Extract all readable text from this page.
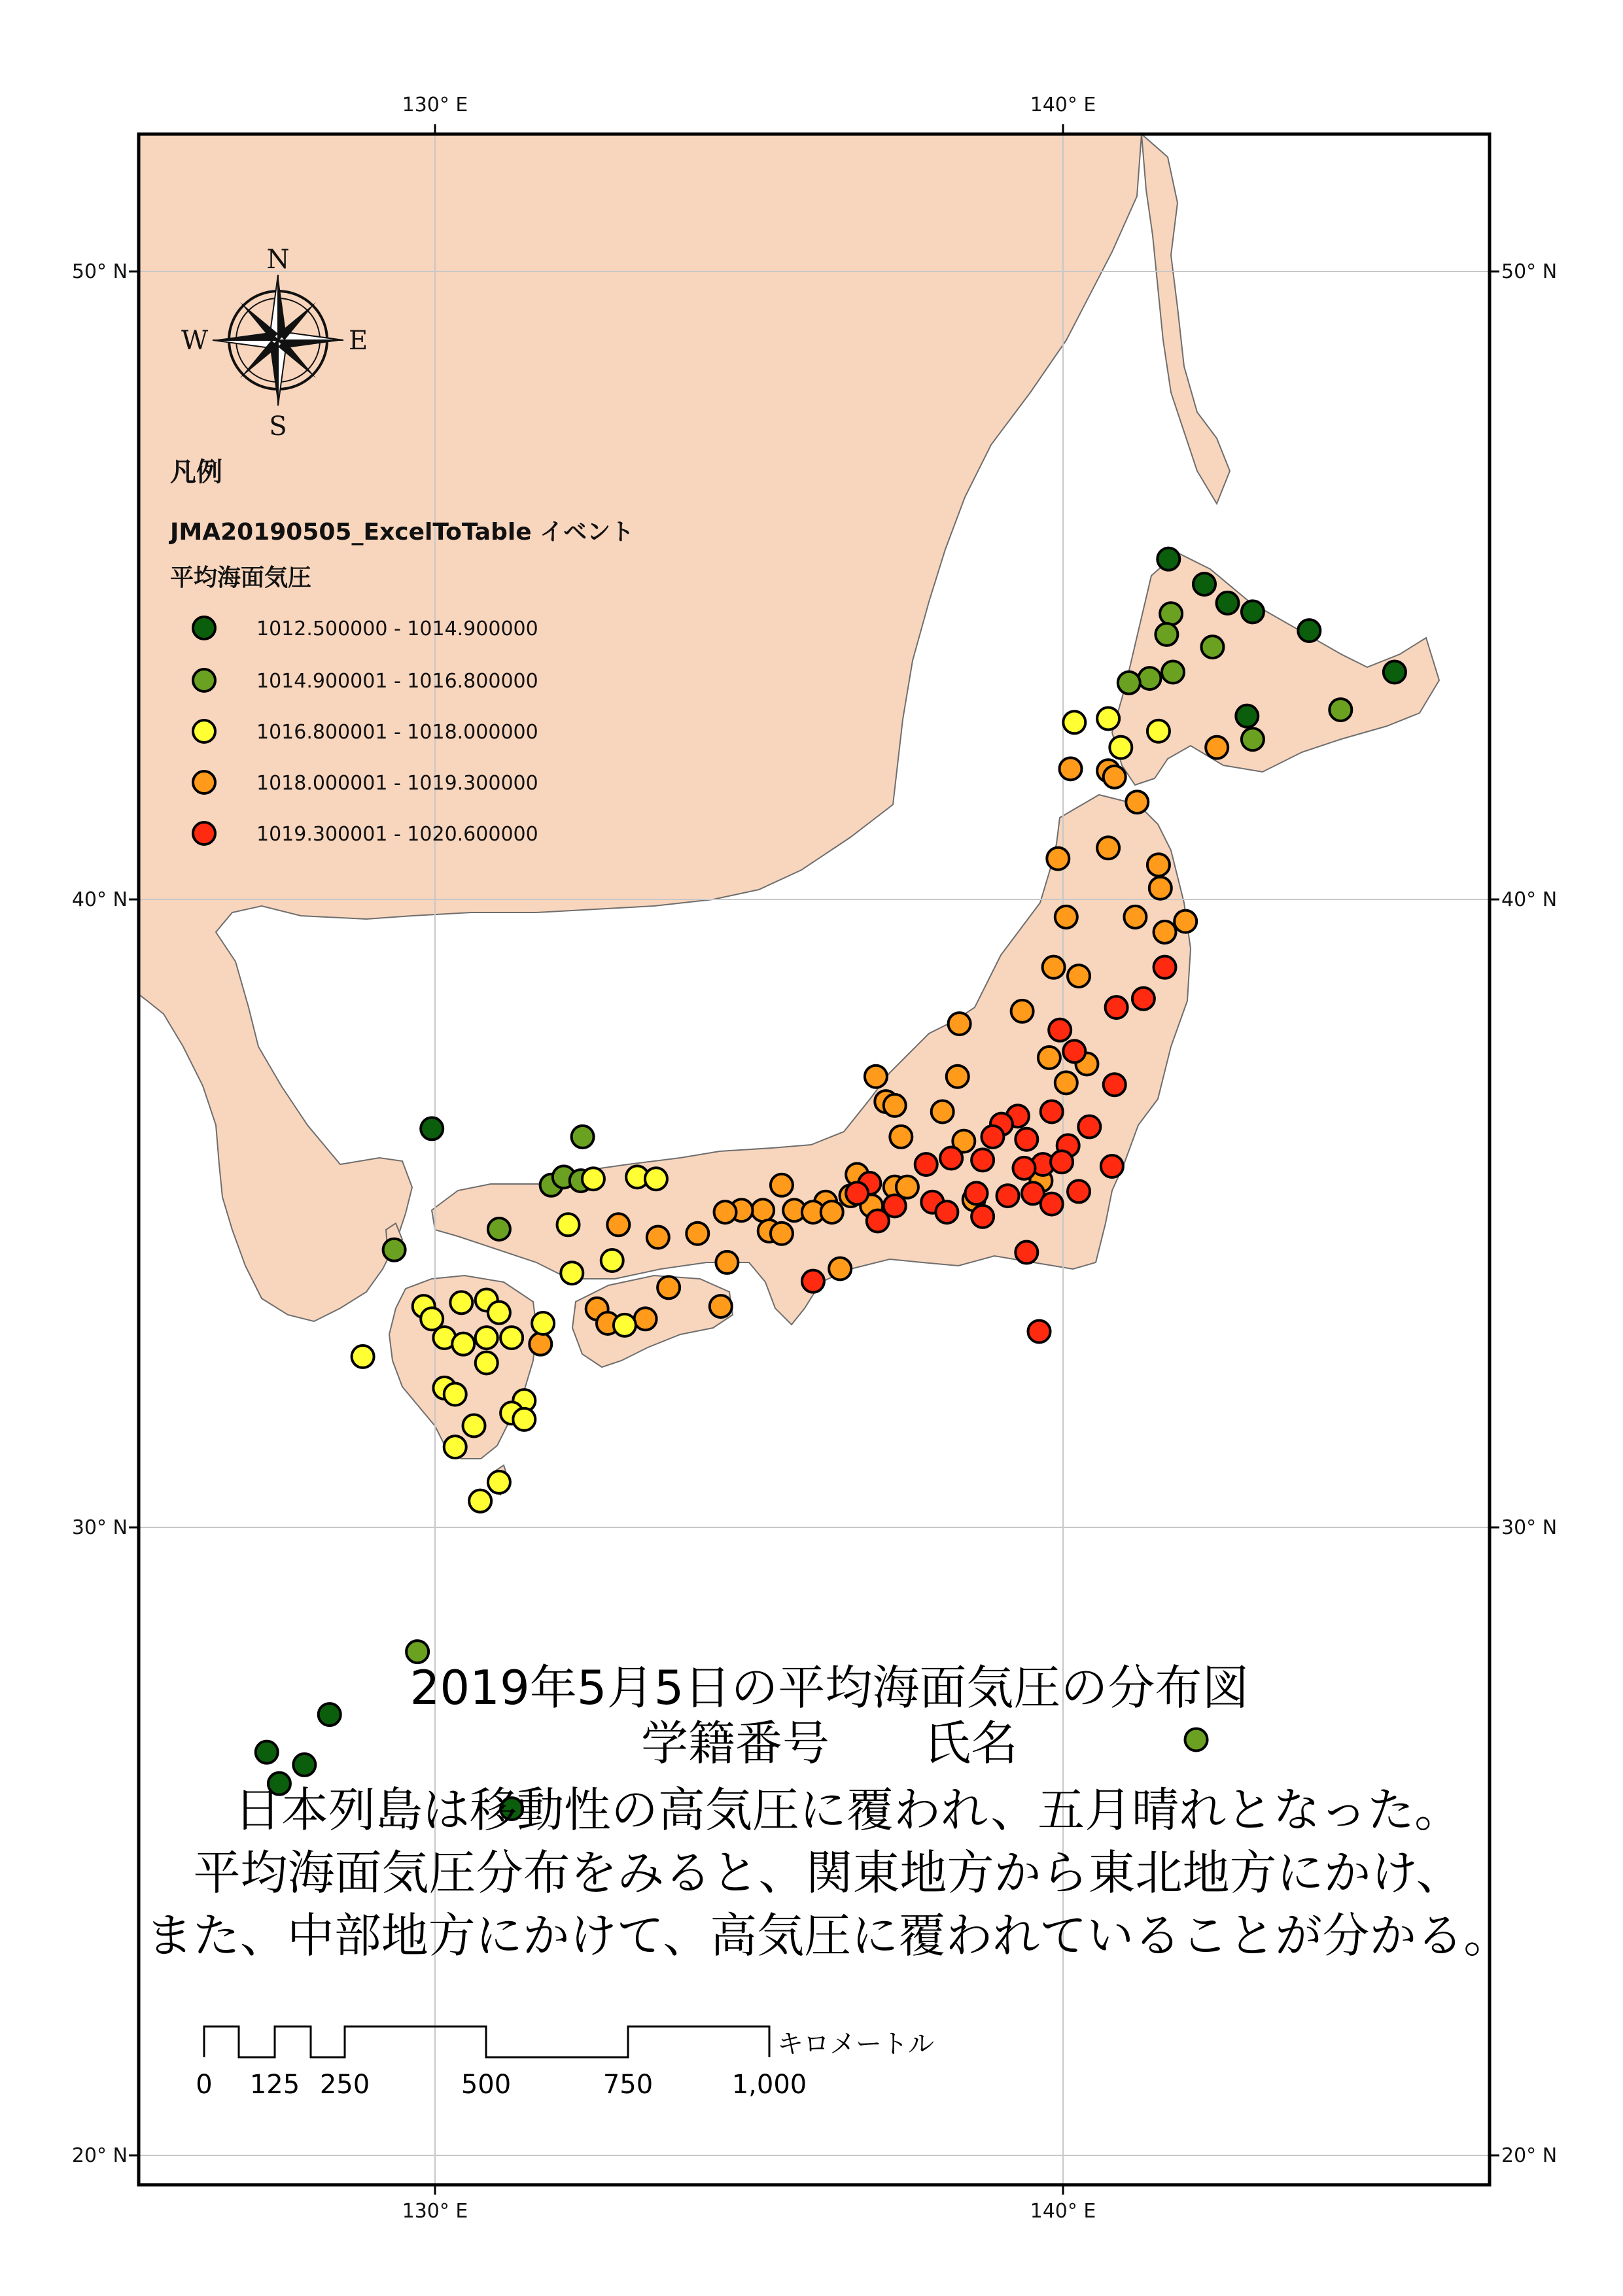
130° E	140° E
130° E	140° E
50° N
40° N
30° N
20° N
50° N
40° N
30° N
20° N
N
S
E
W
凡例
JMA20190505_ExcelToTable イベント
平均海面気圧
1012.500000 - 1014.900000
1014.900001 - 1016.800000
1016.800001 - 1018.000000
1018.000001 - 1019.300000
1019.300001 - 1020.600000
2019年5月5日の平均海面気圧の分布図
学籍番号　　氏名
日本列島は移動性の高気圧に覆われ、五月晴れとなった。
平均海面気圧分布をみると、関東地方から東北地方にかけ、
また、中部地方にかけて、高気圧に覆われていることが分かる。
キロメートル
0 125 250	500	750	1,000
